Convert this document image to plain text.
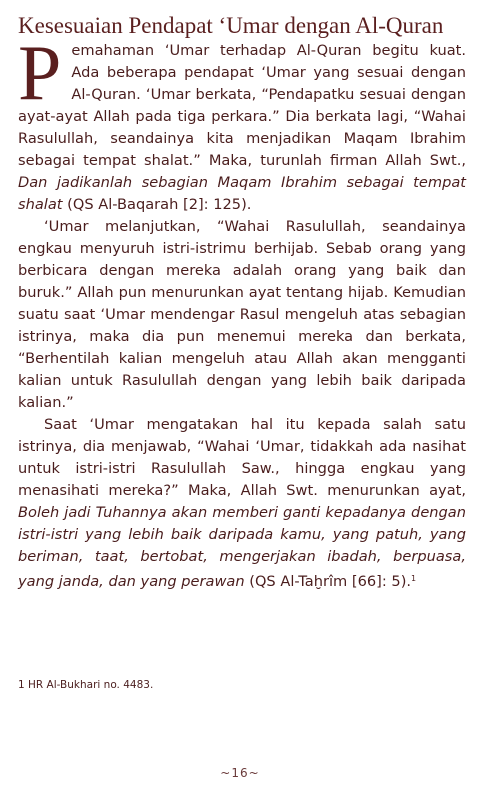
Kesesuaian Pendapat ‘Umar dengan Al-Quran

Pemahaman ‘Umar terhadap Al-Quran begitu kuat. Ada beberapa pendapat ‘Umar yang sesuai dengan Al-Quran. ‘Umar berkata, “Pendapatku sesuai dengan ayat-ayat Allah pada tiga perkara.” Dia berkata lagi, “Wahai Rasulullah, seandainya kita menjadikan Maqam Ibrahim sebagai tempat shalat.” Maka, turunlah firman Allah Swt., Dan jadikanlah sebagian Maqam Ibrahim sebagai tempat shalat (QS Al-Baqarah [2]: 125).

‘Umar melanjutkan, “Wahai Rasulullah, seandainya engkau menyuruh istri-istrimu berhijab. Sebab orang yang berbicara dengan mereka adalah orang yang baik dan buruk.” Allah pun menurunkan ayat tentang hijab. Kemudian suatu saat ‘Umar mendengar Rasul mengeluh atas sebagian istrinya, maka dia pun menemui mereka dan berkata, “Berhentilah kalian mengeluh atau Allah akan mengganti kalian untuk Rasulullah dengan yang lebih baik daripada kalian.”

Saat ‘Umar mengatakan hal itu kepada salah satu istrinya, dia menjawab, “Wahai ‘Umar, tidakkah ada nasihat untuk istri-istri Rasulullah Saw., hingga engkau yang menasihati mereka?” Maka, Allah Swt. menurunkan ayat, Boleh jadi Tuhannya akan memberi ganti kepadanya dengan istri-istri yang lebih baik daripada kamu, yang patuh, yang beriman, taat, bertobat, mengerjakan ibadah, berpuasa, yang janda, dan yang perawan (QS Al-Taḫrîm [66]: 5).$^1$

1 HR Al-Bukhari no. 4483.
~16~
